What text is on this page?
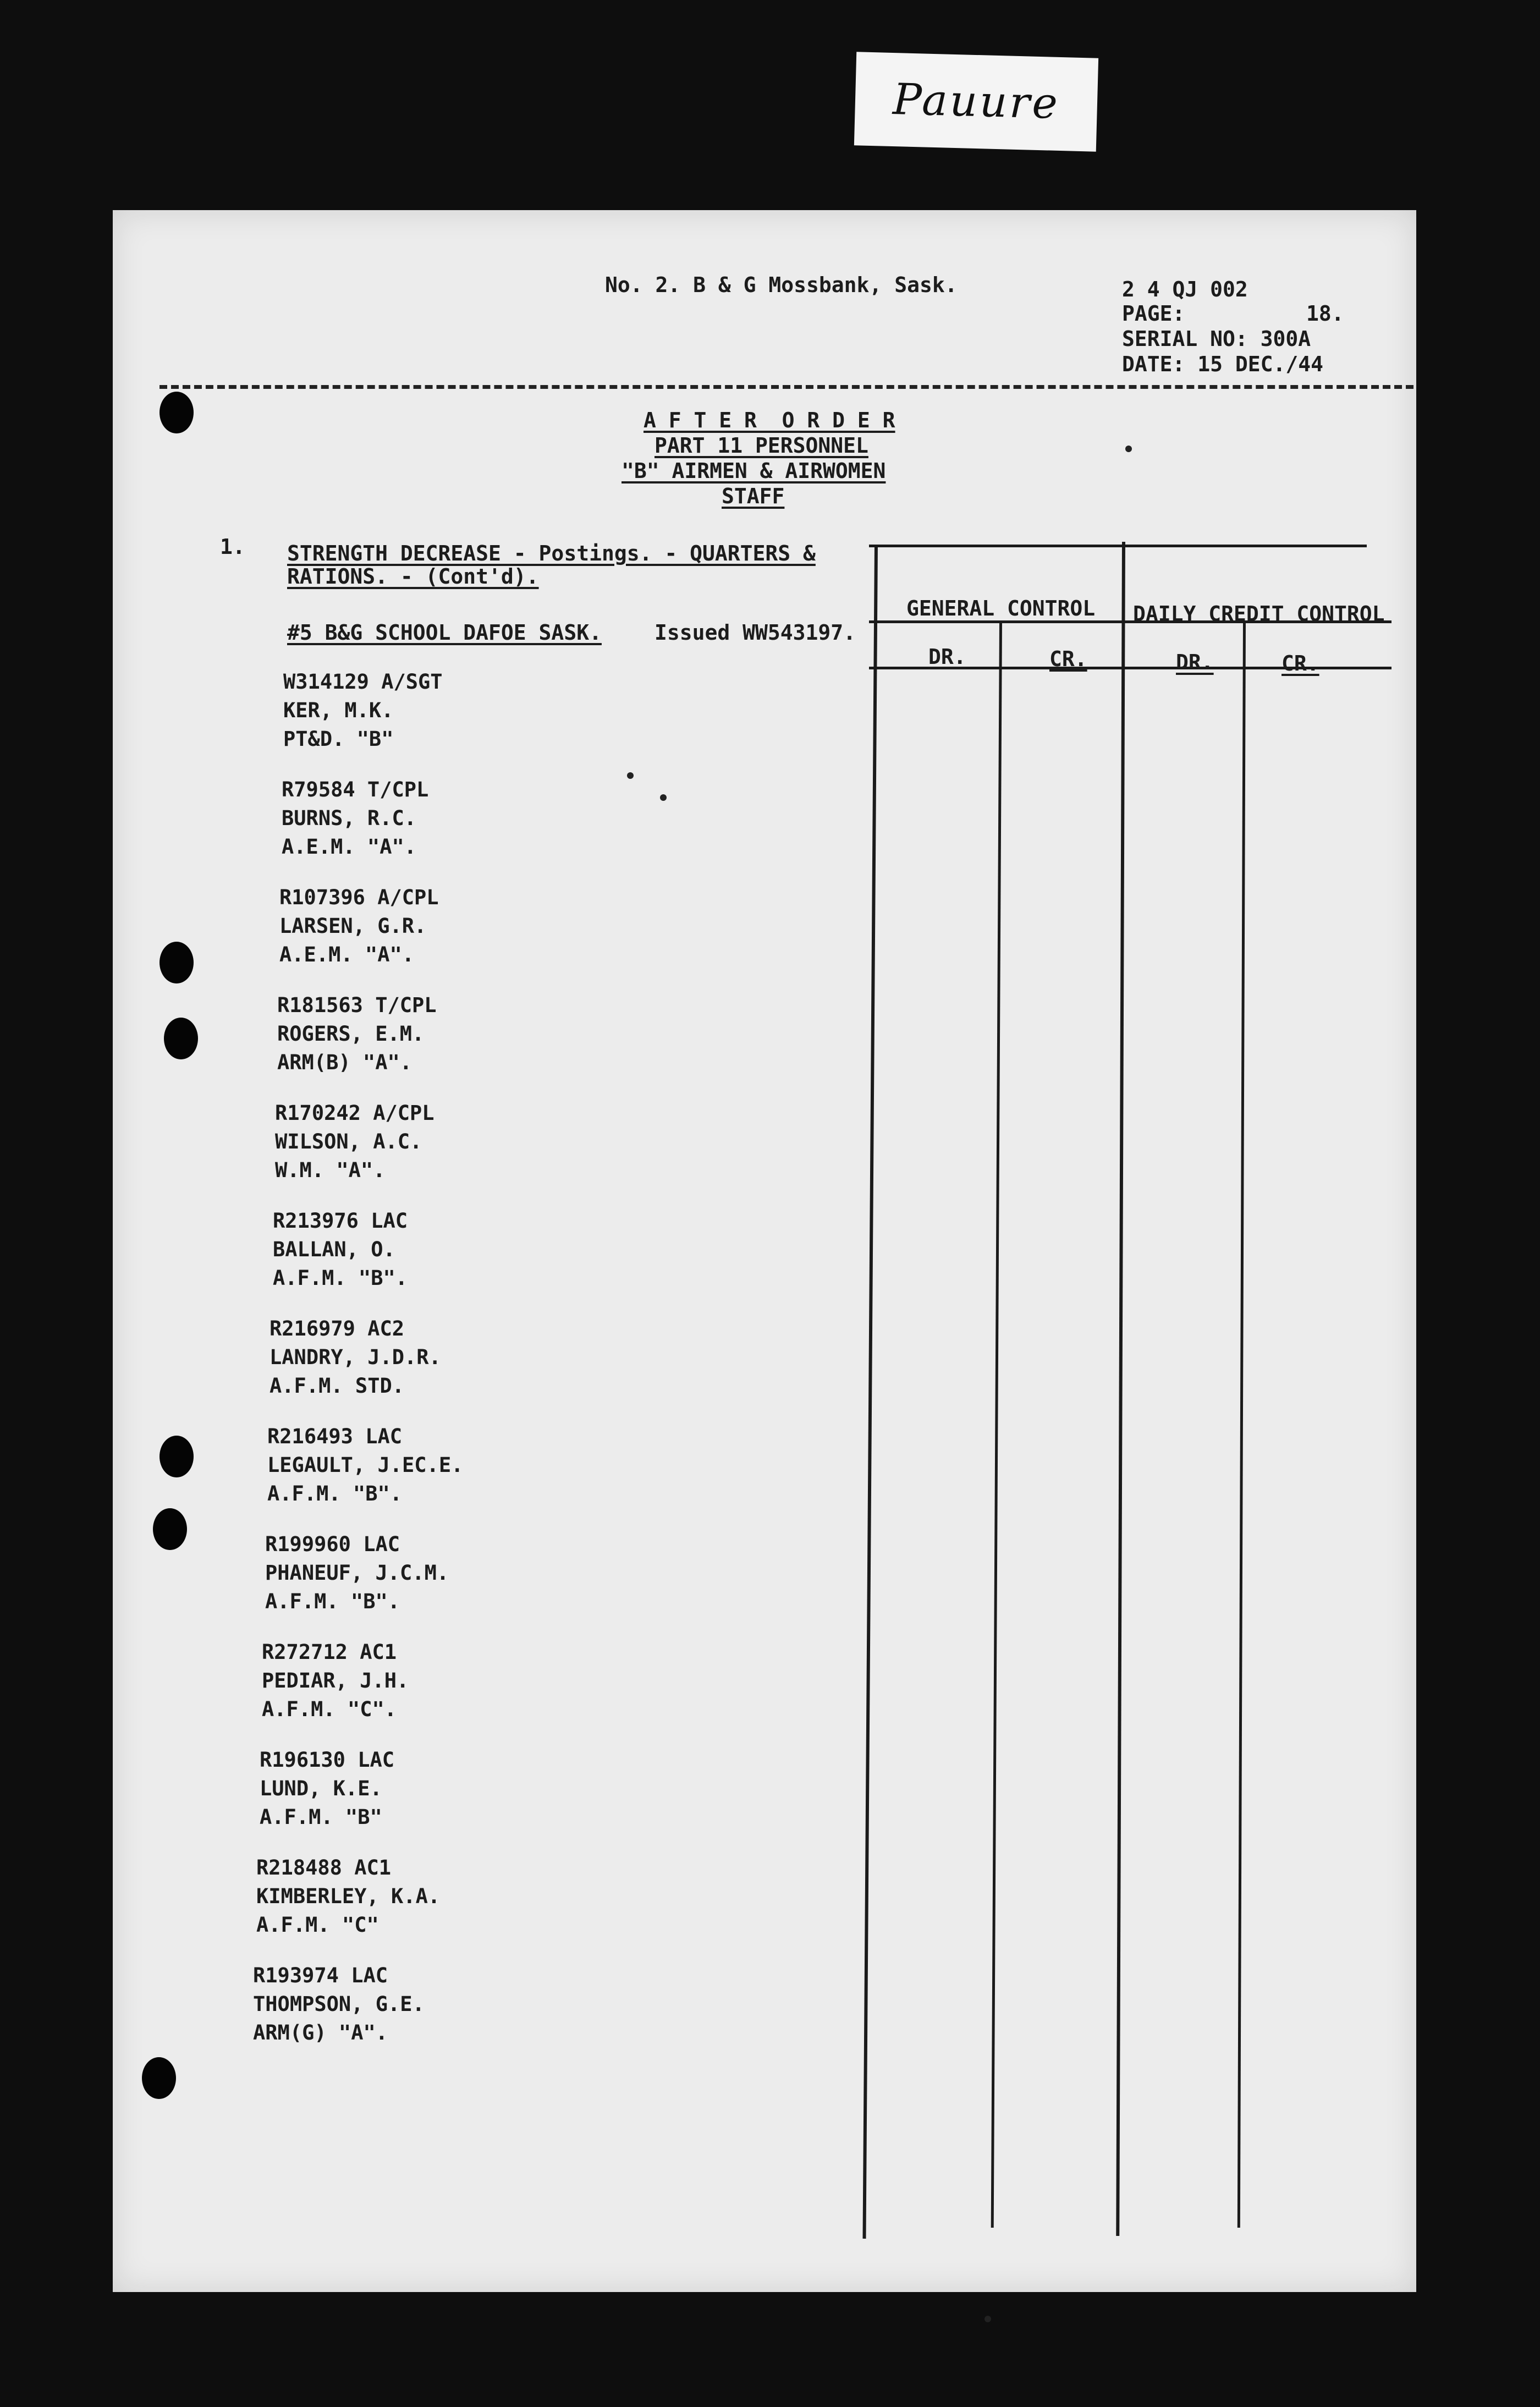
Pauure
No. 2. B & G Mossbank, Sask.	2 4 QJ 002
PAGE:	18.
SERIAL NO: 300A
DATE: 15 DEC./44
A F T E R  O R D E R
PART 11 PERSONNEL
"B" AIRMEN & AIRWOMEN
STAFF
1. STRENGTH DECREASE - Postings. - QUARTERS &
RATIONS. - (Cont'd).
#5 B&G SCHOOL DAFOE SASK.	Issued WW543197.
GENERAL CONTROL DAILY CREDIT CONTROL
DR.	CR.	DR.	CR.
W314129 A/SGT
KER, M.K.
PT&D. "B"
R79584 T/CPL
BURNS, R.C.
A.E.M. "A".
R107396 A/CPL
LARSEN, G.R.
A.E.M. "A".
R181563 T/CPL
ROGERS, E.M.
ARM(B) "A".
R170242 A/CPL
WILSON, A.C.
W.M. "A".
R213976 LAC
BALLAN, O.
A.F.M. "B".
R216979 AC2
LANDRY, J.D.R.
A.F.M. STD.
R216493 LAC
LEGAULT, J.EC.E.
A.F.M. "B".
R199960 LAC
PHANEUF, J.C.M.
A.F.M. "B".
R272712 AC1
PEDIAR, J.H.
A.F.M. "C".
R196130 LAC
LUND, K.E.
A.F.M. "B"
R218488 AC1
KIMBERLEY, K.A.
A.F.M. "C"
R193974 LAC
THOMPSON, G.E.
ARM(G) "A".
